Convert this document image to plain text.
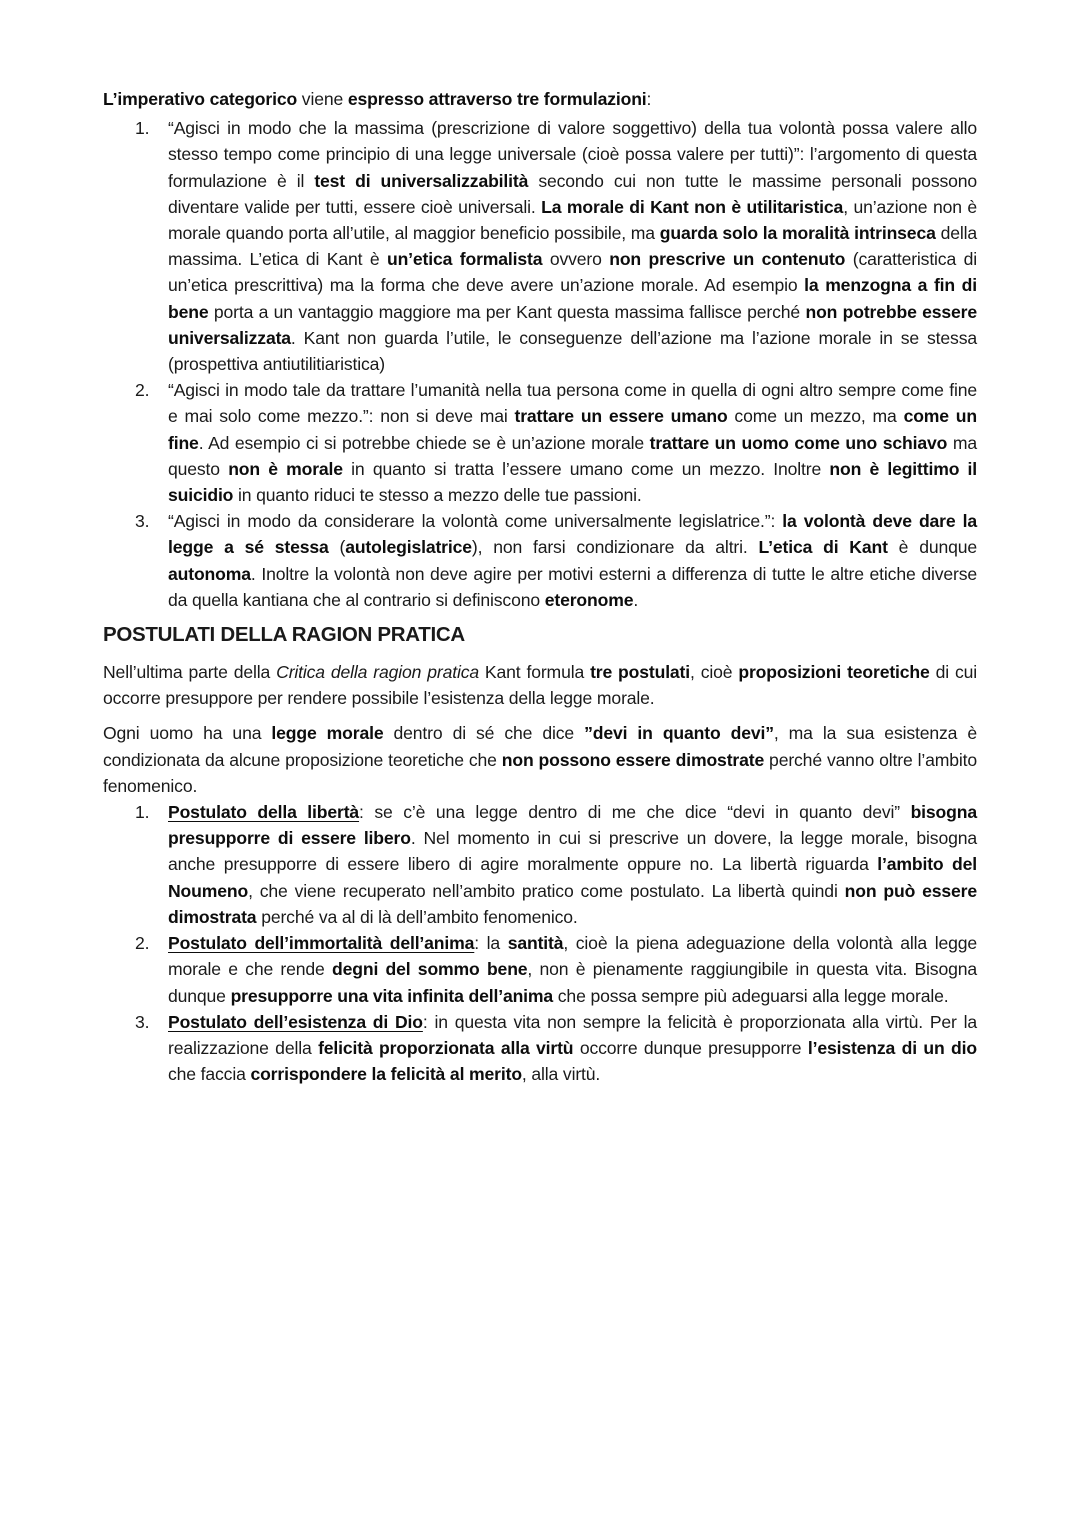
L’imperativo categorico viene espresso attraverso tre formulazioni:

1.	“Agisci in modo che la massima (prescrizione di valore soggettivo) della tua volontà possa valere allo stesso tempo come principio di una legge universale (cioè possa valere per tutti)”: l’argomento di questa formulazione è il test di universalizzabilità secondo cui non tutte le massime personali possono diventare valide per tutti, essere cioè universali. La morale di Kant non è utilitaristica, un’azione non è morale quando porta all’utile, al maggior beneficio possibile, ma guarda solo la moralità intrinseca della massima. L’etica di Kant è un’etica formalista ovvero non prescrive un contenuto (caratteristica di un’etica prescrittiva) ma la forma che deve avere un’azione morale. Ad esempio la menzogna a fin di bene porta a un vantaggio maggiore ma per Kant questa massima fallisce perché non potrebbe essere universalizzata. Kant non guarda l’utile, le conseguenze dell’azione ma l’azione morale in se stessa (prospettiva antiutilitiaristica)
2.	“Agisci in modo tale da trattare l’umanità nella tua persona come in quella di ogni altro sempre come fine e mai solo come mezzo.”: non si deve mai trattare un essere umano come un mezzo, ma come un fine. Ad esempio ci si potrebbe chiede se è un’azione morale trattare un uomo come uno schiavo ma questo non è morale in quanto si tratta l’essere umano come un mezzo. Inoltre non è legittimo il suicidio in quanto riduci te stesso a mezzo delle tue passioni.
3.	“Agisci in modo da considerare la volontà come universalmente legislatrice.”: la volontà deve dare la legge a sé stessa (autolegislatrice), non farsi condizionare da altri. L’etica di Kant è dunque autonoma. Inoltre la volontà non deve agire per motivi esterni a differenza di tutte le altre etiche diverse da quella kantiana che al contrario si definiscono eteronome.
POSTULATI DELLA RAGION PRATICA

Nell’ultima parte della Critica della ragion pratica Kant formula tre postulati, cioè proposizioni teoretiche di cui occorre presuppore per rendere possibile l’esistenza della legge morale.

Ogni uomo ha una legge morale dentro di sé che dice ”devi in quanto devi”, ma la sua esistenza è condizionata da alcune proposizione teoretiche che non possono essere dimostrate perché vanno oltre l’ambito fenomenico.

1.	Postulato della libertà: se c’è una legge dentro di me che dice “devi in quanto devi” bisogna presupporre di essere libero. Nel momento in cui si prescrive un dovere, la legge morale, bisogna anche presupporre di essere libero di agire moralmente oppure no. La libertà riguarda l’ambito del Noumeno, che viene recuperato nell’ambito pratico come postulato. La libertà quindi non può essere dimostrata perché va al di là dell’ambito fenomenico.
2.	Postulato dell’immortalità dell’anima: la santità, cioè la piena adeguazione della volontà alla legge morale e che rende degni del sommo bene, non è pienamente raggiungibile in questa vita. Bisogna dunque presupporre una vita infinita dell’anima che possa sempre più adeguarsi alla legge morale.
3.	Postulato dell’esistenza di Dio: in questa vita non sempre la felicità è proporzionata alla virtù. Per la realizzazione della felicità proporzionata alla virtù occorre dunque presupporre l’esistenza di un dio che faccia corrispondere la felicità al merito, alla virtù.
